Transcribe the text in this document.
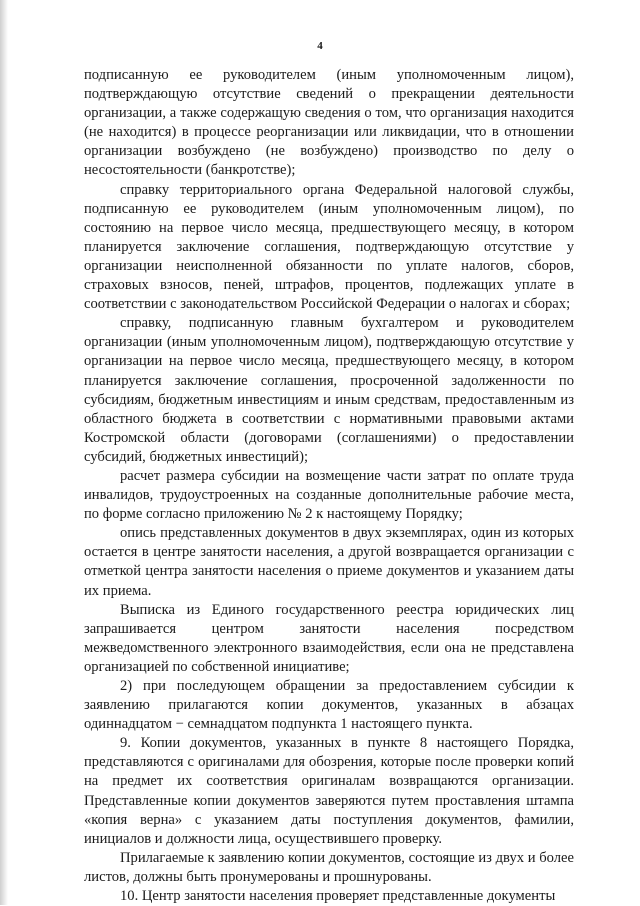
4

подписанную ее руководителем (иным уполномоченным лицом), подтверждающую отсутствие сведений о прекращении деятельности организации, а также содержащую сведения о том, что организация находится (не находится) в процессе реорганизации или ликвидации, что в отношении организации возбуждено (не возбуждено) производство по делу о несостоятельности (банкротстве);

справку территориального органа Федеральной налоговой службы, подписанную ее руководителем (иным уполномоченным лицом), по состоянию на первое число месяца, предшествующего месяцу, в котором планируется заключение соглашения, подтверждающую отсутствие у организации неисполненной обязанности по уплате налогов, сборов, страховых взносов, пеней, штрафов, процентов, подлежащих уплате в соответствии с законодательством Российской Федерации о налогах и сборах;

справку, подписанную главным бухгалтером и руководителем организации (иным уполномоченным лицом), подтверждающую отсутствие у организации на первое число месяца, предшествующего месяцу, в котором планируется заключение соглашения, просроченной задолженности по субсидиям, бюджетным инвестициям и иным средствам, предоставленным из областного бюджета в соответствии с нормативными правовыми актами Костромской области (договорами (соглашениями) о предоставлении субсидий, бюджетных инвестиций);

расчет размера субсидии на возмещение части затрат по оплате труда инвалидов, трудоустроенных на созданные дополнительные рабочие места, по форме согласно приложению № 2 к настоящему Порядку;

опись представленных документов в двух экземплярах, один из которых остается в центре занятости населения, а другой возвращается организации с отметкой центра занятости населения о приеме документов и указанием даты их приема.

Выписка из Единого государственного реестра юридических лиц запрашивается центром занятости населения посредством межведомственного электронного взаимодействия, если она не представлена организацией по собственной инициативе;

2) при последующем обращении за предоставлением субсидии к заявлению прилагаются копии документов, указанных в абзацах одиннадцатом − семнадцатом подпункта 1 настоящего пункта.

9. Копии документов, указанных в пункте 8 настоящего Порядка, представляются с оригиналами для обозрения, которые после проверки копий на предмет их соответствия оригиналам возвращаются организации. Представленные копии документов заверяются путем проставления штампа «копия верна» с указанием даты поступления документов, фамилии, инициалов и должности лица, осуществившего проверку.

Прилагаемые к заявлению копии документов, состоящие из двух и более листов, должны быть пронумерованы и прошнурованы.

10. Центр занятости населения проверяет представленные документы
